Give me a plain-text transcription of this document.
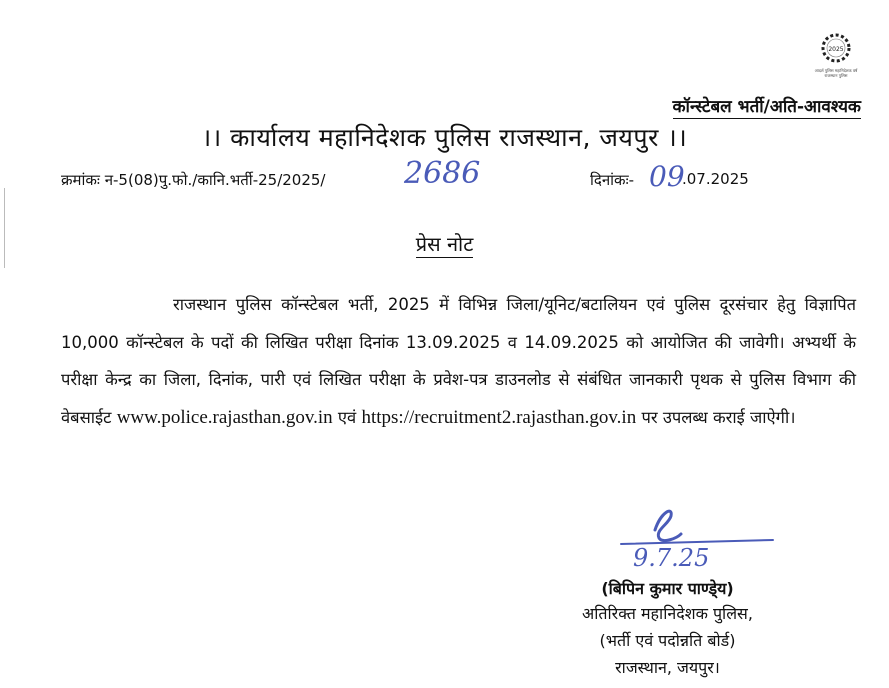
2025
आदर्श पुलिस महानिदेशक वर्ष
राजस्थान पुलिस
कॉन्स्टेबल भर्ती/अति-आवश्यक
।। कार्यालय महानिदेशक पुलिस राजस्थान, जयपुर ।।
क्रमांकः न-5(08)पु.फो./कानि.भर्ती-25/2025/	2686	दिनांकः- 09
.07.2025
प्रेस नोट
राजस्थान पुलिस कॉन्स्टेबल भर्ती, 2025 में विभिन्न जिला/यूनिट/बटालियन एवं पुलिस दूरसंचार हेतु विज्ञापित 10,000 कॉन्स्टेबल के पदों की लिखित परीक्षा दिनांक 13.09.2025 व 14.09.2025 को आयोजित की जावेगी। अभ्यर्थी के परीक्षा केन्द्र का जिला, दिनांक, पारी एवं लिखित परीक्षा के प्रवेश-पत्र डाउनलोड से संबंधित जानकारी पृथक से पुलिस विभाग की वेबसाईट www.police.rajasthan.gov.in एवं https://recruitment2.rajasthan.gov.in पर उपलब्ध कराई जाऐगी।
9.7.25
(बिपिन कुमार पाण्डे्य)
अतिरिक्त महानिदेशक पुलिस,
(भर्ती एवं पदोन्नति बोर्ड)
राजस्थान, जयपुर।
